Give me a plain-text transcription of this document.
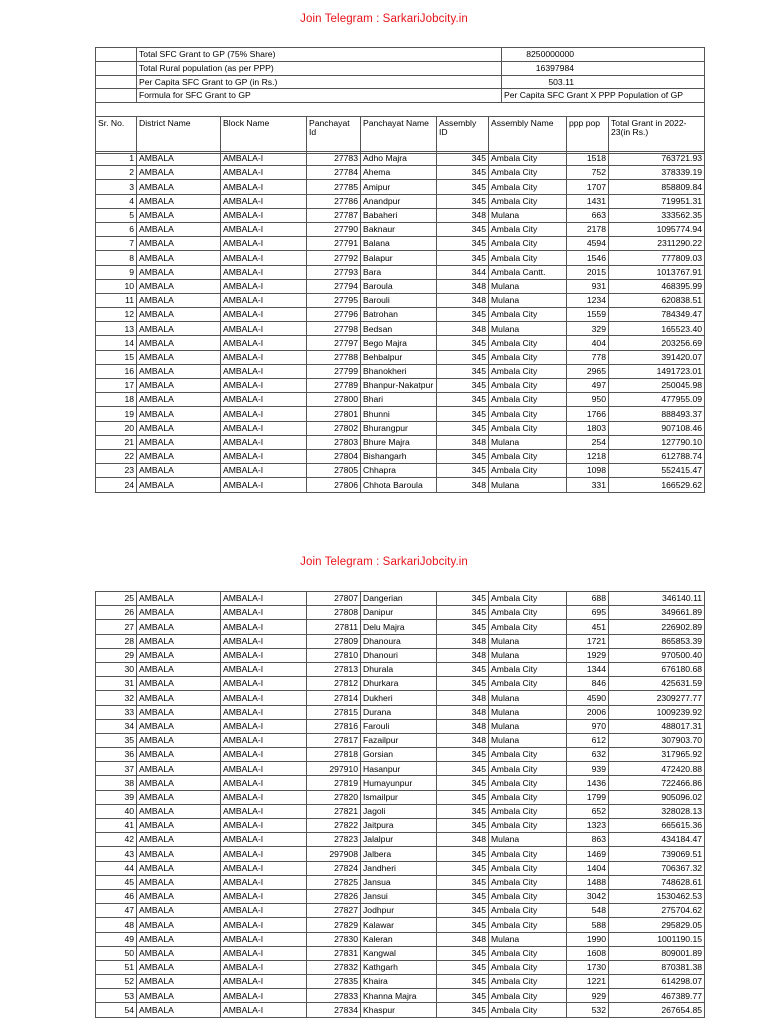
Join Telegram : SarkariJobcity.in
	Total SFC Grant to GP (75% Share)	8250000000
	Total Rural population (as per PPP)	16397984
	Per Capita SFC Grant to GP (in Rs.)	503.11
	Formula for SFC Grant to GP	Per Capita SFC Grant X PPP Population of GP

Sr. No.	District Name	Block Name	Panchayat Id	Panchayat Name	Assembly ID	Assembly Name	ppp pop	Total Grant in 2022-23(in Rs.)
1	AMBALA	AMBALA-I	27783	Adho Majra	345	Ambala City	1518	763721.93
2	AMBALA	AMBALA-I	27784	Ahema	345	Ambala City	752	378339.19
3	AMBALA	AMBALA-I	27785	Amipur	345	Ambala City	1707	858809.84
4	AMBALA	AMBALA-I	27786	Anandpur	345	Ambala City	1431	719951.31
5	AMBALA	AMBALA-I	27787	Babaheri	348	Mulana	663	333562.35
6	AMBALA	AMBALA-I	27790	Baknaur	345	Ambala City	2178	1095774.94
7	AMBALA	AMBALA-I	27791	Balana	345	Ambala City	4594	2311290.22
8	AMBALA	AMBALA-I	27792	Balapur	345	Ambala City	1546	777809.03
9	AMBALA	AMBALA-I	27793	Bara	344	Ambala Cantt.	2015	1013767.91
10	AMBALA	AMBALA-I	27794	Baroula	348	Mulana	931	468395.99
11	AMBALA	AMBALA-I	27795	Barouli	348	Mulana	1234	620838.51
12	AMBALA	AMBALA-I	27796	Batrohan	345	Ambala City	1559	784349.47
13	AMBALA	AMBALA-I	27798	Bedsan	348	Mulana	329	165523.40
14	AMBALA	AMBALA-I	27797	Bego Majra	345	Ambala City	404	203256.69
15	AMBALA	AMBALA-I	27788	Behbalpur	345	Ambala City	778	391420.07
16	AMBALA	AMBALA-I	27799	Bhanokheri	345	Ambala City	2965	1491723.01
17	AMBALA	AMBALA-I	27789	Bhanpur-Nakatpur	345	Ambala City	497	250045.98
18	AMBALA	AMBALA-I	27800	Bhari	345	Ambala City	950	477955.09
19	AMBALA	AMBALA-I	27801	Bhunni	345	Ambala City	1766	888493.37
20	AMBALA	AMBALA-I	27802	Bhurangpur	345	Ambala City	1803	907108.46
21	AMBALA	AMBALA-I	27803	Bhure Majra	348	Mulana	254	127790.10
22	AMBALA	AMBALA-I	27804	Bishangarh	345	Ambala City	1218	612788.74
23	AMBALA	AMBALA-I	27805	Chhapra	345	Ambala City	1098	552415.47
24	AMBALA	AMBALA-I	27806	Chhota Baroula	348	Mulana	331	166529.62
Join Telegram : SarkariJobcity.in
25	AMBALA	AMBALA-I	27807	Dangerian	345	Ambala City	688	346140.11
26	AMBALA	AMBALA-I	27808	Danipur	345	Ambala City	695	349661.89
27	AMBALA	AMBALA-I	27811	Delu Majra	345	Ambala City	451	226902.89
28	AMBALA	AMBALA-I	27809	Dhanoura	348	Mulana	1721	865853.39
29	AMBALA	AMBALA-I	27810	Dhanouri	348	Mulana	1929	970500.40
30	AMBALA	AMBALA-I	27813	Dhurala	345	Ambala City	1344	676180.68
31	AMBALA	AMBALA-I	27812	Dhurkara	345	Ambala City	846	425631.59
32	AMBALA	AMBALA-I	27814	Dukheri	348	Mulana	4590	2309277.77
33	AMBALA	AMBALA-I	27815	Durana	348	Mulana	2006	1009239.92
34	AMBALA	AMBALA-I	27816	Farouli	348	Mulana	970	488017.31
35	AMBALA	AMBALA-I	27817	Fazailpur	348	Mulana	612	307903.70
36	AMBALA	AMBALA-I	27818	Gorsian	345	Ambala City	632	317965.92
37	AMBALA	AMBALA-I	297910	Hasanpur	345	Ambala City	939	472420.88
38	AMBALA	AMBALA-I	27819	Humayunpur	345	Ambala City	1436	722466.86
39	AMBALA	AMBALA-I	27820	Ismailpur	345	Ambala City	1799	905096.02
40	AMBALA	AMBALA-I	27821	Jagoli	345	Ambala City	652	328028.13
41	AMBALA	AMBALA-I	27822	Jaitpura	345	Ambala City	1323	665615.36
42	AMBALA	AMBALA-I	27823	Jalalpur	348	Mulana	863	434184.47
43	AMBALA	AMBALA-I	297908	Jalbera	345	Ambala City	1469	739069.51
44	AMBALA	AMBALA-I	27824	Jandheri	345	Ambala City	1404	706367.32
45	AMBALA	AMBALA-I	27825	Jansua	345	Ambala City	1488	748628.61
46	AMBALA	AMBALA-I	27826	Jansui	345	Ambala City	3042	1530462.53
47	AMBALA	AMBALA-I	27827	Jodhpur	345	Ambala City	548	275704.62
48	AMBALA	AMBALA-I	27829	Kalawar	345	Ambala City	588	295829.05
49	AMBALA	AMBALA-I	27830	Kaleran	348	Mulana	1990	1001190.15
50	AMBALA	AMBALA-I	27831	Kangwal	345	Ambala City	1608	809001.89
51	AMBALA	AMBALA-I	27832	Kathgarh	345	Ambala City	1730	870381.38
52	AMBALA	AMBALA-I	27835	Khaira	345	Ambala City	1221	614298.07
53	AMBALA	AMBALA-I	27833	Khanna Majra	345	Ambala City	929	467389.77
54	AMBALA	AMBALA-I	27834	Khaspur	345	Ambala City	532	267654.85
